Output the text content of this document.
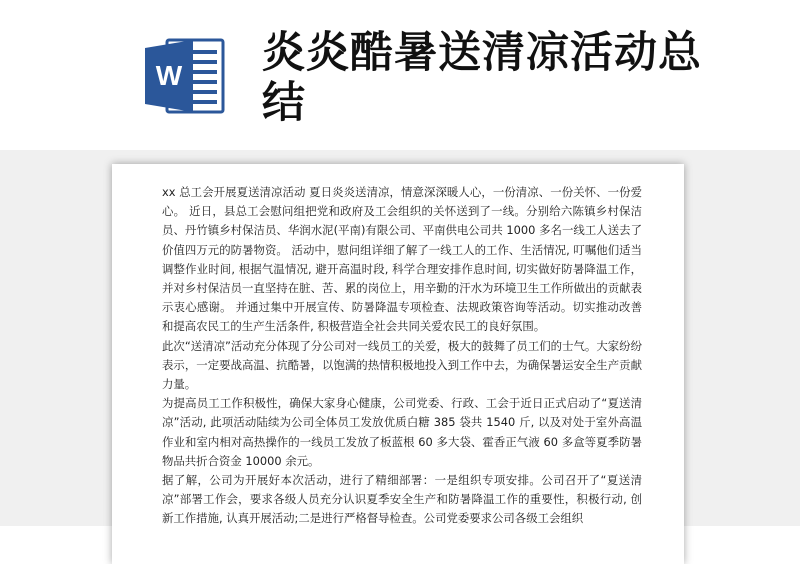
W 炎炎酷暑送清凉活动总结

xx 总工会开展夏送清凉活动 夏日炎炎送清凉，情意深深暖人心，一份清凉、一份关怀、一份爱心。 近日，县总工会慰问组把党和政府及工会组织的关怀送到了一线。分别给六陈镇乡村保洁员、丹竹镇乡村保洁员、华润水泥(平南)有限公司、平南供电公司共 1000 多名一线工人送去了价值四万元的防暑物资。 活动中，慰问组详细了解了一线工人的工作、生活情况, 叮嘱他们适当调整作业时间, 根据气温情况, 避开高温时段, 科学合理安排作息时间, 切实做好防暑降温工作，并对乡村保洁员一直坚持在脏、苦、累的岗位上，用辛勤的汗水为环境卫生工作所做出的贡献表示衷心感谢。 并通过集中开展宣传、防暑降温专项检查、法规政策咨询等活动。切实推动改善和提高农民工的生产生活条件, 积极营造全社会共同关爱农民工的良好氛围。

此次“送清凉”活动充分体现了分公司对一线员工的关爱，极大的鼓舞了员工们的士气。大家纷纷表示，一定要战高温、抗酷暑，以饱满的热情积极地投入到工作中去，为确保暑运安全生产贡献力量。

为提高员工工作积极性，确保大家身心健康，公司党委、行政、工会于近日正式启动了“夏送清凉”活动, 此项活动陆续为公司全体员工发放优质白糖 385 袋共 1540 斤, 以及对处于室外高温作业和室内相对高热操作的一线员工发放了板蓝根 60 多大袋、霍香正气液 60 多盒等夏季防暑物品共折合资金 10000 余元。

据了解，公司为开展好本次活动，进行了精细部署：一是组织专项安排。公司召开了“夏送清凉”部署工作会，要求各级人员充分认识夏季安全生产和防暑降温工作的重要性，积极行动, 创新工作措施, 认真开展活动;二是进行严格督导检查。公司党委要求公司各级工会组织
